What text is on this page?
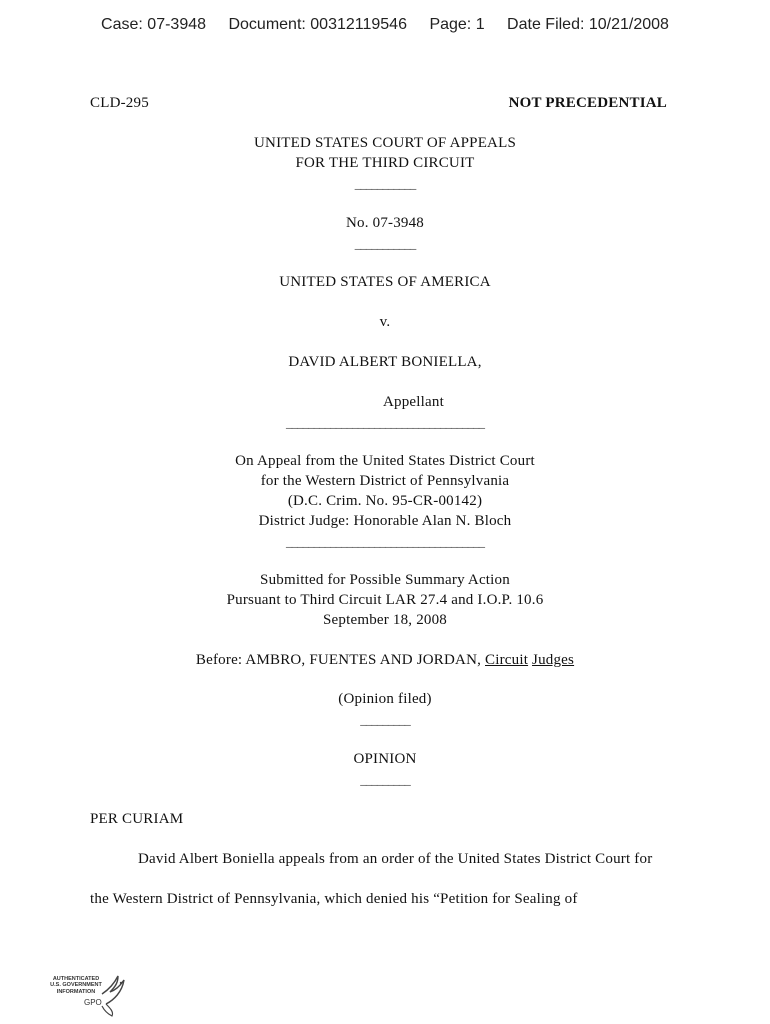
Case: 07-3948 Document: 00312119546 Page: 1 Date Filed: 10/21/2008
CLD-295	NOT PRECEDENTIAL
UNITED STATES COURT OF APPEALS
FOR THE THIRD CIRCUIT
___________
No. 07-3948
___________
UNITED STATES OF AMERICA
v.
DAVID ALBERT BONIELLA,
Appellant
____________________________________
On Appeal from the United States District Court
for the Western District of Pennsylvania
(D.C. Crim. No. 95-CR-00142)
District Judge: Honorable Alan N. Bloch
____________________________________
Submitted for Possible Summary Action
Pursuant to Third Circuit LAR 27.4 and I.O.P. 10.6
September 18, 2008
Before: AMBRO, FUENTES AND JORDAN, Circuit Judges
(Opinion filed)
_________
OPINION
_________
PER CURIAM
David Albert Boniella appeals from an order of the United States District Court for
the Western District of Pennsylvania, which denied his “Petition for Sealing of
AUTHENTICATED
U.S. GOVERNMENT
INFORMATION
GPO
